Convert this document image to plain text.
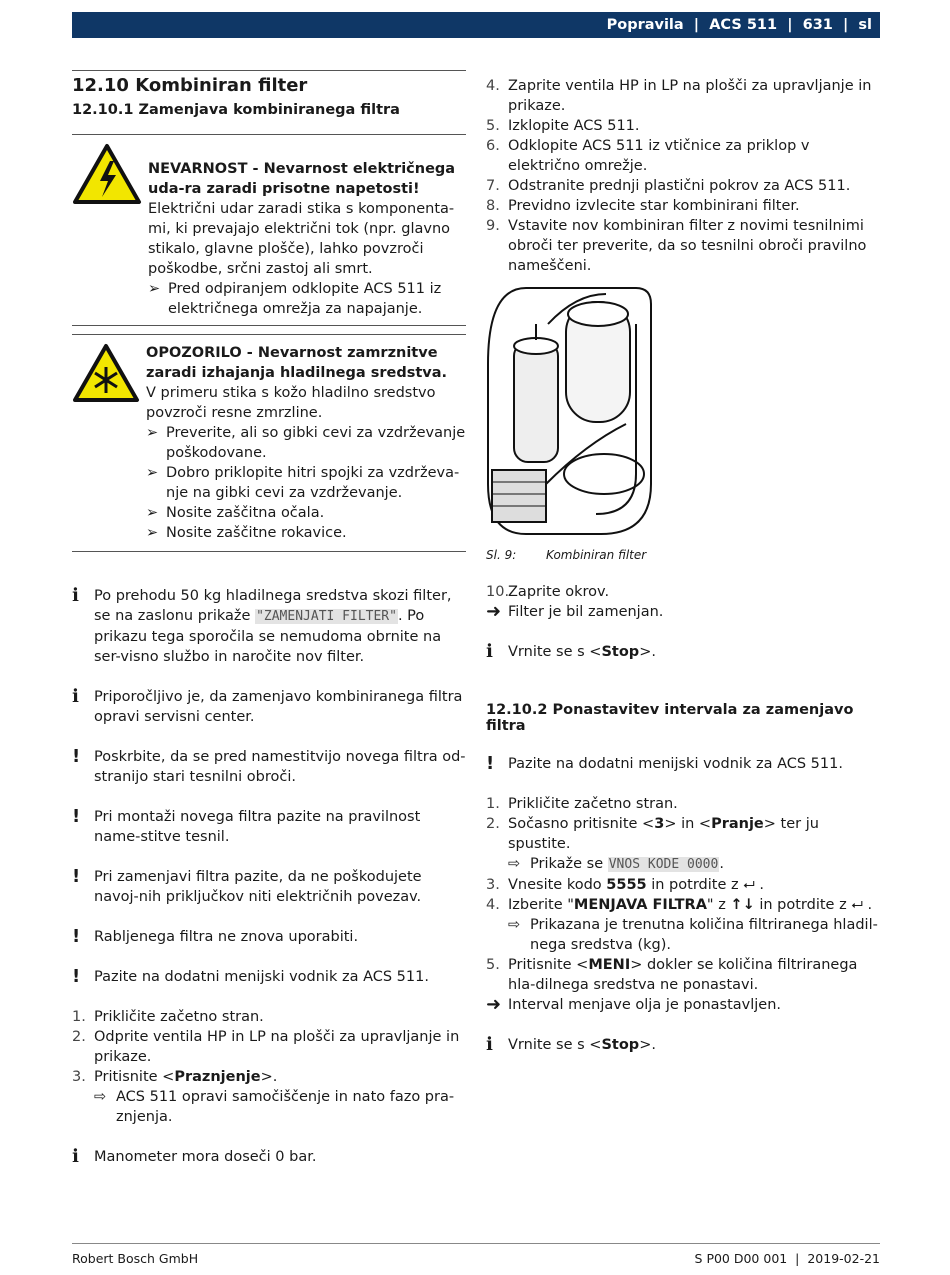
Popravila | ACS 511 | 631 | sl
12.10 Kombiniran filter
12.10.1 Zamenjava kombiniranega filtra

NEVARNOST - Nevarnost električnega uda-ra zaradi prisotne napetosti!

Električni udar zaradi stika s komponenta-mi, ki prevajajo električni tok (npr. glavno stikalo, glavne plošče), lahko povzroči poškodbe, srčni zastoj ali smrt.

➢ Pred odpiranjem odklopite ACS 511 iz električnega omrežja za napajanje.

OPOZORILO - Nevarnost zamrznitve zaradi izhajanja hladilnega sredstva.

V primeru stika s kožo hladilno sredstvo povzroči resne zmrzline.

➢ Preverite, ali so gibki cevi za vzdrževanje poškodovane.
➢ Dobro priklopite hitri spojki za vzdrževa-nje na gibki cevi za vzdrževanje.
➢ Nosite zaščitna očala.
➢ Nosite zaščitne rokavice.
ℹ	Po prehodu 50 kg hladilnega sredstva skozi filter, se na zaslonu prikaže "ZAMENJATI FILTER". Po prikazu tega sporočila se nemudoma obrnite na ser-visno službo in naročite nov filter.

ℹ	Priporočljivo je, da zamenjavo kombiniranega filtra opravi servisni center.

! Poskrbite, da se pred namestitvijo novega filtra od-stranijo stari tesnilni obroči.

! Pri montaži novega filtra pazite na pravilnost name-stitve tesnil.

! Pri zamenjavi filtra pazite, da ne poškodujete navoj-nih priključkov niti električnih povezav.

! Rabljenega filtra ne znova uporabiti.

! Pazite na dodatni menijski vodnik za ACS 511.

1. Prikličite začetno stran.
2. Odprite ventila HP in LP na plošči za upravljanje in prikaze.
3. Pritisnite <Praznjenje>.
⇨ ACS 511 opravi samočiščenje in nato fazo pra-znjenja.
ℹ	Manometer mora doseči 0 bar.

4. Zaprite ventila HP in LP na plošči za upravljanje in prikaze.
5. Izklopite ACS 511.
6. Odklopite ACS 511 iz vtičnice za priklop v električno omrežje.
7. Odstranite prednji plastični pokrov za ACS 511.
8. Previdno izvlecite star kombinirani filter.
9. Vstavite nov kombiniran filter z novimi tesnilnimi obroči ter preverite, da so tesnilni obroči pravilno nameščeni.
Sl. 9:	Kombiniran filter
10.
Zaprite okrov.
➜ Filter je bil zamenjan.
ℹ	Vrnite se s <Stop>.

12.10.2 Ponastavitev intervala za zamenjavo filtra
! Pazite na dodatni menijski vodnik za ACS 511.

1. Prikličite začetno stran.
2. Sočasno pritisnite <3> in <Pranje> ter ju spustite.
⇨ Prikaže se VNOS KODE 0000.
3. Vnesite kodo 5555 in potrdite z ⮠ .
4. Izberite "MENJAVA FILTRA" z ↑↓ in potrdite z ⮠ .
⇨ Prikazana je trenutna količina filtriranega hladil-nega sredstva (kg).
5. Pritisnite <MENI> dokler se količina filtriranega hla-dilnega sredstva ne ponastavi.
➜ Interval menjave olja je ponastavljen.
ℹ	Vrnite se s <Stop>.

Robert Bosch GmbH	S P00 D00 001  |  2019-02-21
